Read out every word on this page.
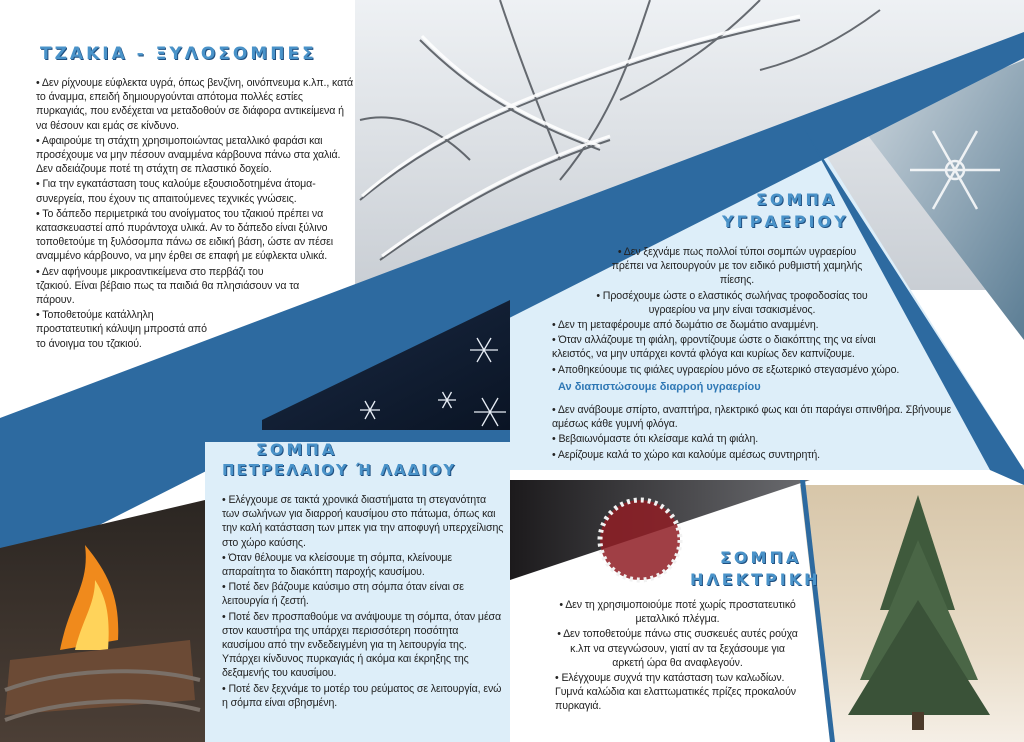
ΤΖΑΚΙΑ - ΞΥΛΟΣΟΜΠΕΣ
• Δεν ρίχνουμε εύφλεκτα υγρά, όπως βενζίνη, οινόπνευμα κ.λπ., κατά το άναμμα, επειδή δημιουργούνται απότομα πολλές εστίες πυρκαγιάς, που ενδέχεται να μεταδοθούν σε διάφορα αντικείμενα ή να θέσουν και εμάς σε κίνδυνο.
• Αφαιρούμε τη στάχτη χρησιμοποιώντας μεταλλικό φαράσι και προσέχουμε να μην πέσουν αναμμένα κάρβουνα πάνω στα χαλιά. Δεν αδειάζουμε ποτέ τη στάχτη σε πλαστικό δοχείο.
• Για την εγκατάσταση τους καλούμε εξουσιοδοτημένα άτομα-συνεργεία, που έχουν τις απαιτούμενες τεχνικές γνώσεις.
• Το δάπεδο περιμετρικά του ανοίγματος του τζακιού πρέπει να κατασκευαστεί από πυράντοχα υλικά. Αν το δάπεδο είναι ξύλινο τοποθετούμε τη ξυλόσομπα πάνω σε ειδική βάση, ώστε αν πέσει αναμμένο κάρβουνο, να μην έρθει σε επαφή με εύφλεκτα υλικά.
• Δεν αφήνουμε μικροαντικείμενα στο περβάζι του τζακιού. Είναι βέβαιο πως τα παιδιά θα πλησιάσουν να τα πάρουν.
• Τοποθετούμε κατάλληλη προστατευτική κάλυψη μπροστά από το άνοιγμα του τζακιού.
ΣΟΜΠΑ
ΥΓΡΑΕΡΙΟΥ
• Δεν ξεχνάμε πως πολλοί τύποι σομπών υγραερίου πρέπει να λειτουργούν με τον ειδικό ρυθμιστή χαμηλής πίεσης.
• Προσέχουμε ώστε ο ελαστικός σωλήνας τροφοδοσίας του υγραερίου να μην είναι τσακισμένος.
• Δεν τη μεταφέρουμε από δωμάτιο σε δωμάτιο αναμμένη.
• Όταν αλλάζουμε τη φιάλη, φροντίζουμε ώστε ο διακόπτης της να είναι κλειστός, να μην υπάρχει κοντά φλόγα και κυρίως δεν καπνίζουμε.
• Αποθηκεύουμε τις φιάλες υγραερίου μόνο σε εξωτερικό στεγασμένο χώρο.
Αν διαπιστώσουμε διαρροή υγραερίου
• Δεν ανάβουμε σπίρτο, αναπτήρα, ηλεκτρικό φως και ότι παράγει σπινθήρα. Σβήνουμε αμέσως κάθε γυμνή φλόγα.
• Βεβαιωνόμαστε ότι κλείσαμε καλά τη φιάλη.
• Αερίζουμε καλά το χώρο και καλούμε αμέσως συντηρητή.
ΣΟΜΠΑ
ΠΕΤΡΕΛΑΙΟΥ Ή ΛΑΔΙΟΥ
• Ελέγχουμε σε τακτά χρονικά διαστήματα τη στεγανότητα των σωλήνων για διαρροή καυσίμου στο πάτωμα, όπως και την καλή κατάσταση των μπεκ για την αποφυγή υπερχείλισης στο χώρο καύσης.
• Όταν θέλουμε να κλείσουμε τη σόμπα, κλείνουμε απαραίτητα το διακόπτη παροχής καυσίμου.
• Ποτέ δεν βάζουμε καύσιμο στη σόμπα όταν είναι σε λειτουργία ή ζεστή.
• Ποτέ δεν προσπαθούμε να ανάψουμε τη σόμπα, όταν μέσα στον καυστήρα της υπάρχει περισσότερη ποσότητα καυσίμου από την ενδεδειγμένη για τη λειτουργία της. Υπάρχει κίνδυνος πυρκαγιάς ή ακόμα και έκρηξης της δεξαμενής του καυσίμου.
• Ποτέ δεν ξεχνάμε το μοτέρ του ρεύματος σε λειτουργία, ενώ η σόμπα είναι σβησμένη.
ΣΟΜΠΑ
ΗΛΕΚΤΡΙΚΗ
• Δεν τη χρησιμοποιούμε ποτέ χωρίς προστατευτικό μεταλλικό πλέγμα.
• Δεν τοποθετούμε πάνω στις συσκευές αυτές ρούχα κ.λπ να στεγνώσουν, γιατί αν τα ξεχάσουμε για αρκετή ώρα θα αναφλεγούν.
• Ελέγχουμε συχνά την κατάσταση των καλωδίων. Γυμνά καλώδια και ελαττωματικές πρίζες προκαλούν πυρκαγιά.
